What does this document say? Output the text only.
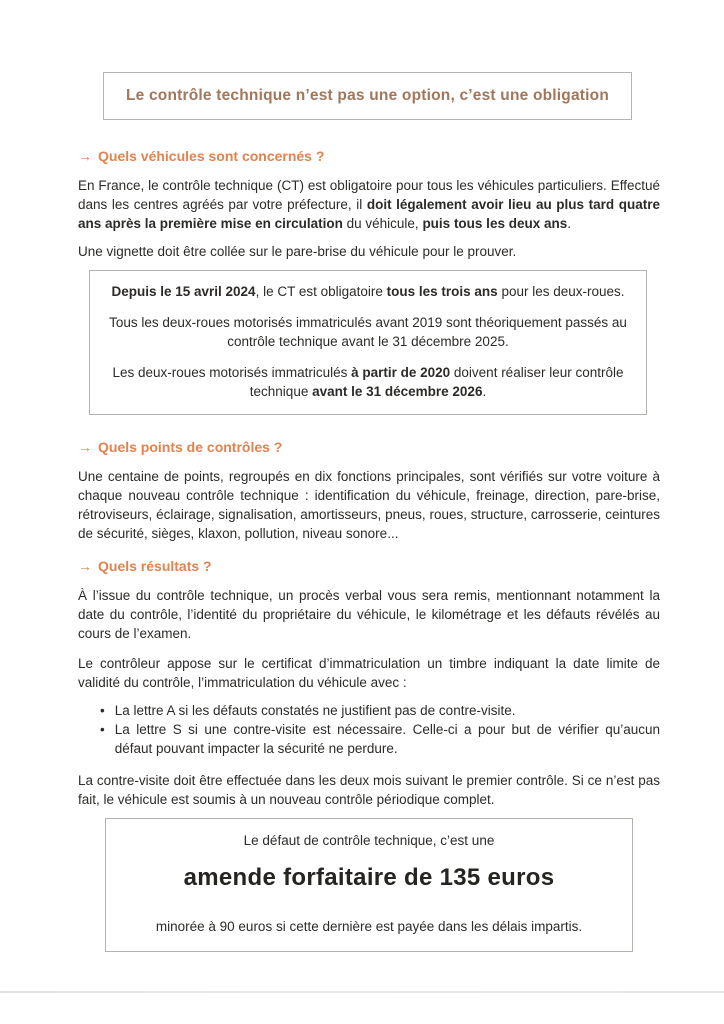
Le contrôle technique n’est pas une option, c’est une obligation
→ Quels véhicules sont concernés ?
En France, le contrôle technique (CT) est obligatoire pour tous les véhicules particuliers. Effectué dans les centres agréés par votre préfecture, il doit légalement avoir lieu au plus tard quatre ans après la première mise en circulation du véhicule, puis tous les deux ans.
Une vignette doit être collée sur le pare-brise du véhicule pour le prouver.
Depuis le 15 avril 2024, le CT est obligatoire tous les trois ans pour les deux-roues.
Tous les deux-roues motorisés immatriculés avant 2019 sont théoriquement passés au contrôle technique avant le 31 décembre 2025.
Les deux-roues motorisés immatriculés à partir de 2020 doivent réaliser leur contrôle technique avant le 31 décembre 2026.
→ Quels points de contrôles ?
Une centaine de points, regroupés en dix fonctions principales, sont vérifiés sur votre voiture à chaque nouveau contrôle technique : identification du véhicule, freinage, direction, pare-brise, rétroviseurs, éclairage, signalisation, amortisseurs, pneus, roues, structure, carrosserie, ceintures de sécurité, sièges, klaxon, pollution, niveau sonore...
→ Quels résultats ?
À l’issue du contrôle technique, un procès verbal vous sera remis, mentionnant notamment la date du contrôle, l’identité du propriétaire du véhicule, le kilométrage et les défauts révélés au cours de l’examen.
Le contrôleur appose sur le certificat d’immatriculation un timbre indiquant la date limite de validité du contrôle, l’immatriculation du véhicule avec :
• La lettre A si les défauts constatés ne justifient pas de contre-visite.
• La lettre S si une contre-visite est nécessaire. Celle-ci a pour but de vérifier qu’aucun défaut pouvant impacter la sécurité ne perdure.
La contre-visite doit être effectuée dans les deux mois suivant le premier contrôle. Si ce n’est pas fait, le véhicule est soumis à un nouveau contrôle périodique complet.
Le défaut de contrôle technique, c’est une
amende forfaitaire de 135 euros
minorée à 90 euros si cette dernière est payée dans les délais impartis.
